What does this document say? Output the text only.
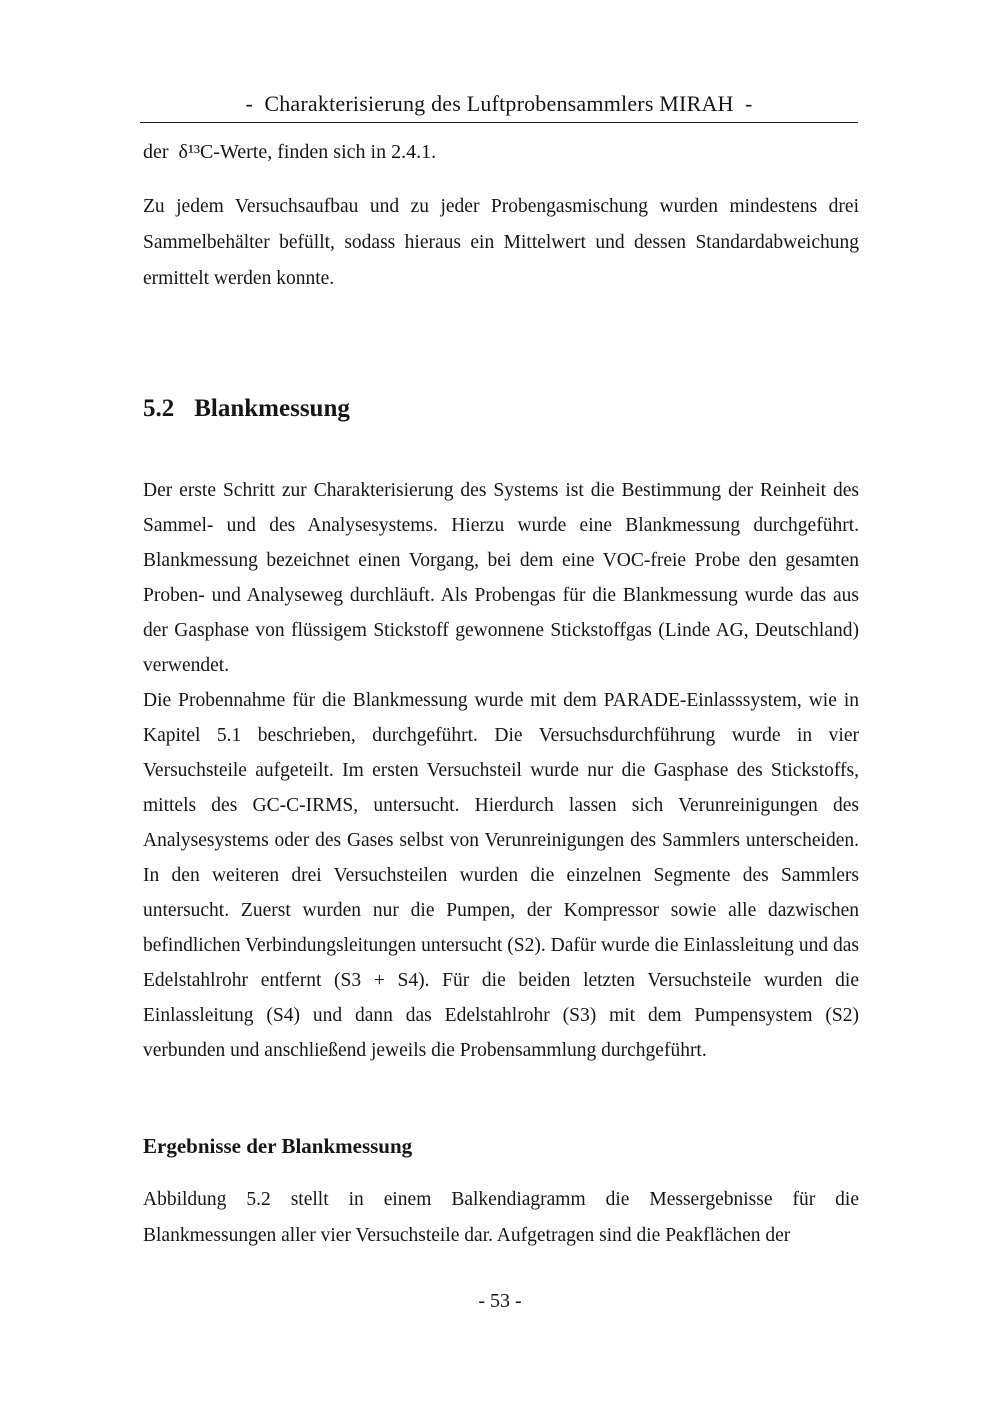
-  Charakterisierung des Luftprobensammlers MIRAH  -

der  δ¹³C-Werte, finden sich in 2.4.1.

Zu jedem Versuchsaufbau und zu jeder Probengasmischung wurden mindestens drei Sammelbehälter befüllt, sodass hieraus ein Mittelwert und dessen Standardabweichung ermittelt werden konnte.

5.2 Blankmessung

Der erste Schritt zur Charakterisierung des Systems ist die Bestimmung der Reinheit des Sammel- und des Analysesystems. Hierzu wurde eine Blankmessung durchgeführt. Blankmessung bezeichnet einen Vorgang, bei dem eine VOC-freie Probe den gesamten Proben- und Analyseweg durchläuft. Als Probengas für die Blankmessung wurde das aus der Gasphase von flüssigem Stickstoff gewonnene Stickstoffgas (Linde AG, Deutschland) verwendet.

Die Probennahme für die Blankmessung wurde mit dem PARADE-Einlasssystem, wie in Kapitel 5.1 beschrieben, durchgeführt. Die Versuchsdurchführung wurde in vier Versuchsteile aufgeteilt. Im ersten Versuchsteil wurde nur die Gasphase des Stickstoffs, mittels des GC-C-IRMS, untersucht. Hierdurch lassen sich Verunreinigungen des Analysesystems oder des Gases selbst von Verunreinigungen des Sammlers unterscheiden. In den weiteren drei Versuchsteilen wurden die einzelnen Segmente des Sammlers untersucht. Zuerst wurden nur die Pumpen, der Kompressor sowie alle dazwischen befindlichen Verbindungsleitungen untersucht (S2). Dafür wurde die Einlassleitung und das Edelstahlrohr entfernt (S3 + S4). Für die beiden letzten Versuchsteile wurden die Einlassleitung (S4) und dann das Edelstahlrohr (S3) mit dem Pumpensystem (S2) verbunden und anschließend jeweils die Probensammlung durchgeführt.

Ergebnisse der Blankmessung

Abbildung 5.2 stellt in einem Balkendiagramm die Messergebnisse für die Blankmessungen aller vier Versuchsteile dar. Aufgetragen sind die Peakflächen der

- 53 -
